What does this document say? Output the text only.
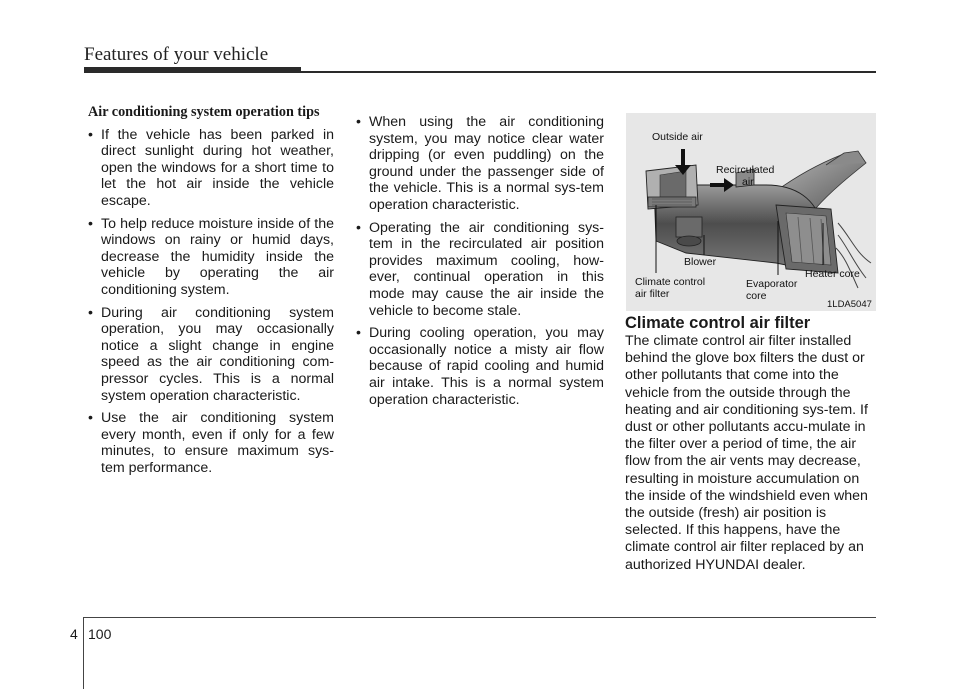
Features of your vehicle
Air conditioning system operation tips
• If the vehicle has been parked in direct sunlight during hot weather, open the windows for a short time to let the hot air inside the vehicle escape.
• To help reduce moisture inside of the windows on rainy or humid days, decrease the humidity inside the vehicle by operating the air conditioning system.
• During air conditioning system operation, you may occasionally notice a slight change in engine speed as the air conditioning com-pressor cycles. This is a normal system operation characteristic.
• Use the air conditioning system every month, even if only for a few minutes, to ensure maximum sys-tem performance.
• When using the air conditioning system, you may notice clear water dripping (or even puddling) on the ground under the passenger side of the vehicle. This is a normal sys-tem operation characteristic.
• Operating the air conditioning sys-tem in the recirculated air position provides maximum cooling, how-ever, continual operation in this mode may cause the air inside the vehicle to become stale.
• During cooling operation, you may occasionally notice a misty air flow because of rapid cooling and humid air intake. This is a normal system operation characteristic.
Outside air
Recirculated
air
Blower
Climate control
air filter
Evaporator
core
Heater core
1LDA5047
Climate control air filter

The climate control air filter installed behind the glove box filters the dust or other pollutants that come into the vehicle from the outside through the heating and air conditioning sys-tem. If dust or other pollutants accu-mulate in the filter over a period of time, the air flow from the air vents may decrease, resulting in moisture accumulation on the inside of the windshield even when the outside (fresh) air position is selected. If this happens, have the climate control air filter replaced by an authorized HYUNDAI dealer.

4 100
